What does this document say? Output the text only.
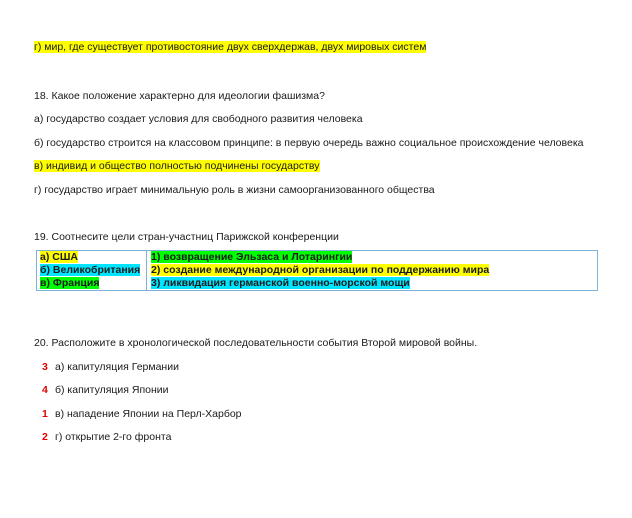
г) мир, где существует противостояние двух сверхдержав, двух мировых систем
18. Какое положение характерно для идеологии фашизма?
а) государство создает условия для свободного развития человека
б) государство строится на классовом принципе: в первую очередь важно социальное происхождение человека
в) индивид и общество полностью подчинены государству
г) государство играет минимальную роль в жизни самоорганизованного общества
19. Соотнесите цели стран-участниц Парижской конференции
а) США	1) возвращение Эльзаса и Лотарингии
б) Великобритания	2) создание международной организации по поддержанию мира
в) Франция	3) ликвидация германской военно-морской мощи
20. Расположите в хронологической последовательности события Второй мировой войны.
3 а) капитуляция Германии
4 б) капитуляция Японии
1 в) нападение Японии на Перл-Харбор
2 г) открытие 2-го фронта
